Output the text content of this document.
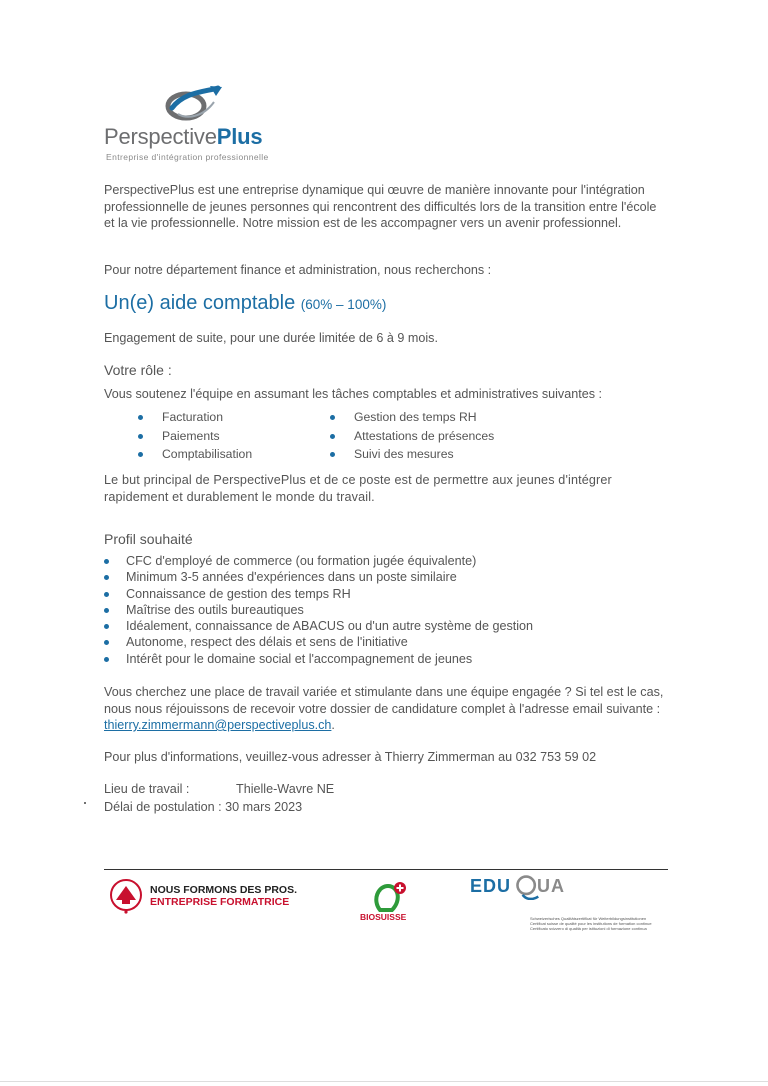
PerspectivePlus
Entreprise d'intégration professionnelle

PerspectivePlus est une entreprise dynamique qui œuvre de manière innovante pour l'intégration professionnelle de jeunes personnes qui rencontrent des difficultés lors de la transition entre l'école et la vie professionnelle. Notre mission est de les accompagner vers un avenir professionnel.

Pour notre département finance et administration, nous recherchons :

Un(e) aide comptable (60% – 100%)

Engagement de suite, pour une durée limitée de 6 à 9 mois.

Votre rôle :

Vous soutenez l'équipe en assumant les tâches comptables et administratives suivantes :

Facturation
Paiements
Comptabilisation
Gestion des temps RH
Attestations de présences
Suivi des mesures

Le but principal de PerspectivePlus et de ce poste est de permettre aux jeunes d'intégrer rapidement et durablement le monde du travail.

Profil souhaité
CFC d'employé de commerce (ou formation jugée équivalente)
Minimum 3-5 années d'expériences dans un poste similaire
Connaissance de gestion des temps RH
Maîtrise des outils bureautiques
Idéalement, connaissance de ABACUS ou d'un autre système de gestion
Autonome, respect des délais et sens de l'initiative
Intérêt pour le domaine social et l'accompagnement de jeunes

Vous cherchez une place de travail variée et stimulante dans une équipe engagée ? Si tel est le cas, nous nous réjouissons de recevoir votre dossier de candidature complet à l'adresse email suivante : thierry.zimmermann@perspectiveplus.ch.

Pour plus d'informations, veuillez-vous adresser à Thierry Zimmerman au 032 753 59 02

Lieu de travail :	Thielle-Wavre NE
Délai de postulation : 30 mars 2023
NOUS FORMONS DES PROS.
ENTREPRISE FORMATRICE
BIOSUISSE
EDU UA
Schweizerisches Qualitätszertifikat für Weiterbildungsinstitutionen
Certificat suisse de qualité pour les institutions de formation continue
Certificato svizzero di qualità per istituzioni di formazione continua
